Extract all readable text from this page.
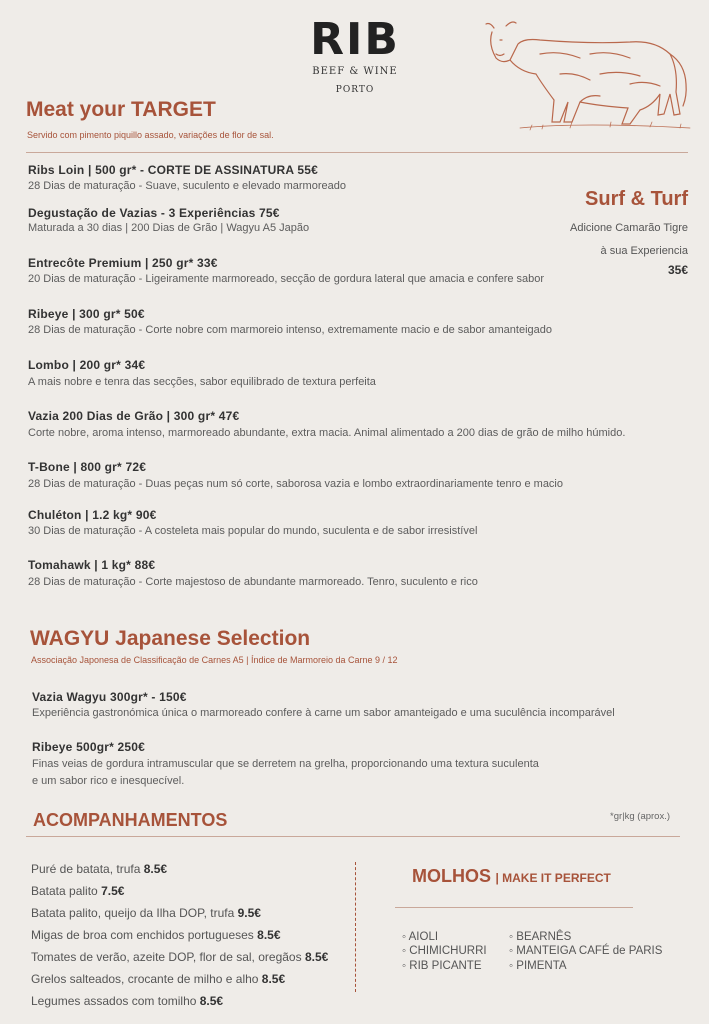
RIB
BEEF & WINE
PORTO
Meat your TARGET
Servido com pimento piquillo assado, variações de flor de sal.
Ribs Loin | 500 gr* - CORTE DE ASSINATURA 55€
28 Dias de maturação - Suave, suculento e elevado marmoreado
Degustação de Vazias - 3 Experiências 75€
Maturada a 30 dias | 200 Dias de Grão | Wagyu A5 Japão
Entrecôte Premium | 250 gr* 33€
20 Dias de maturação - Ligeiramente marmoreado, secção de gordura lateral que amacia e confere sabor
Ribeye | 300 gr* 50€
28 Dias de maturação - Corte nobre com marmoreio intenso, extremamente macio e de sabor amanteigado
Lombo | 200 gr* 34€
A mais nobre e tenra das secções, sabor equilibrado de textura perfeita
Vazia 200 Dias de Grão | 300 gr* 47€
Corte nobre, aroma intenso, marmoreado abundante, extra macia. Animal alimentado a 200 dias de grão de milho húmido.
T-Bone | 800 gr* 72€
28 Dias de maturação - Duas peças num só corte, saborosa vazia e lombo extraordinariamente tenro e macio
Chuléton | 1.2 kg* 90€
30 Dias de maturação - A costeleta mais popular do mundo, suculenta e de sabor irresistível
Tomahawk | 1 kg* 88€
28 Dias de maturação - Corte majestoso de abundante marmoreado. Tenro, suculento e rico
Surf & Turf
Adicione Camarão Tigre
à sua Experiencia
35€
WAGYU Japanese Selection
Associação Japonesa de Classificação de Carnes A5 | Índice de Marmoreio da Carne 9 / 12
Vazia Wagyu 300gr* - 150€
Experiência gastronómica única o marmoreado confere à carne um sabor amanteigado e uma suculência incomparável
Ribeye 500gr* 250€
Finas veias de gordura intramuscular que se derretem na grelha, proporcionando uma textura suculenta
e um sabor rico e inesquecível.
ACOMPANHAMENTOS	*gr|kg (aprox.)
Puré de batata, trufa 8.5€
Batata palito 7.5€
Batata palito, queijo da Ilha DOP, trufa 9.5€
Migas de broa com enchidos portugueses 8.5€
Tomates de verão, azeite DOP, flor de sal, oregãos 8.5€
Grelos salteados, crocante de milho e alho 8.5€
Legumes assados com tomilho 8.5€
MOLHOS | MAKE IT PERFECT
◦ AIOLI
◦ CHIMICHURRI
◦ RIB PICANTE
◦ BEARNÊS
◦ MANTEIGA CAFÉ de PARIS
◦ PIMENTA
